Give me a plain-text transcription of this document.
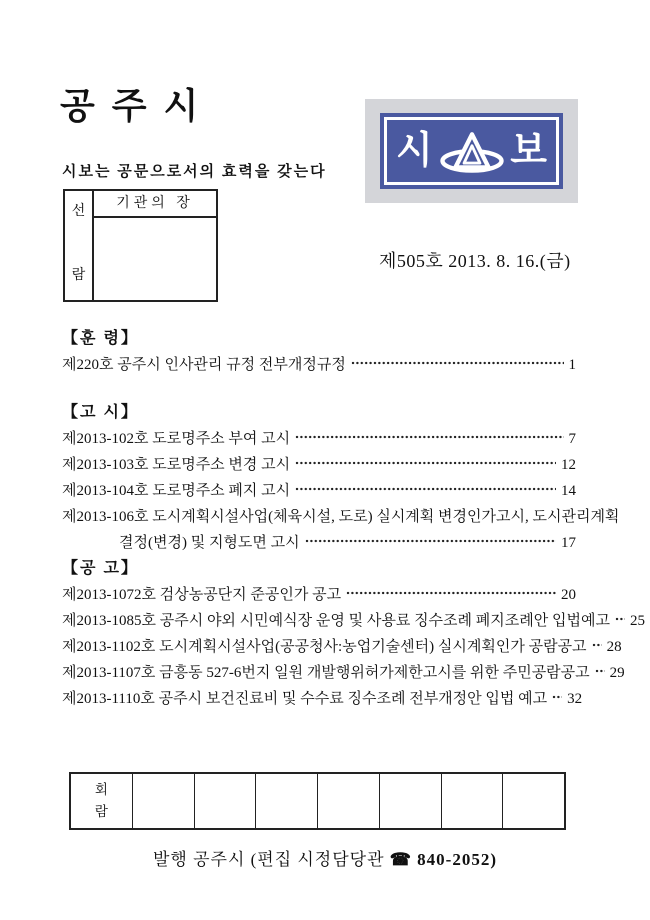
공 주 시
시 보
시보는 공문으로서의 효력을 갖는다
선
람
기관의 장
제505호 2013. 8. 16.(금)
【훈 령】
제220호 공주시 인사관리 규정 전부개정규정	1
【고 시】
제2013-102호 도로명주소 부여 고시	7
제2013-103호 도로명주소 변경 고시	12
제2013-104호 도로명주소 폐지 고시	14
제2013-106호 도시계획시설사업(체육시설, 도로) 실시계획 변경인가고시, 도시관리계획
결정(변경) 및 지형도면 고시	17
【공 고】
제2013-1072호 검상농공단지 준공인가 공고	20
제2013-1085호 공주시 야외 시민예식장 운영 및 사용료 징수조례 폐지조례안 입법예고 25
제2013-1102호 도시계획시설사업(공공청사:농업기술센터) 실시계획인가 공람공고 28
제2013-1107호 금흥동 527-6번지 일원 개발행위허가제한고시를 위한 주민공람공고 29
제2013-1110호 공주시 보건진료비 및 수수료 징수조례 전부개정안 입법 예고 32
회
람
발행 공주시 (편집 시정담당관 ☎ 840-2052)
